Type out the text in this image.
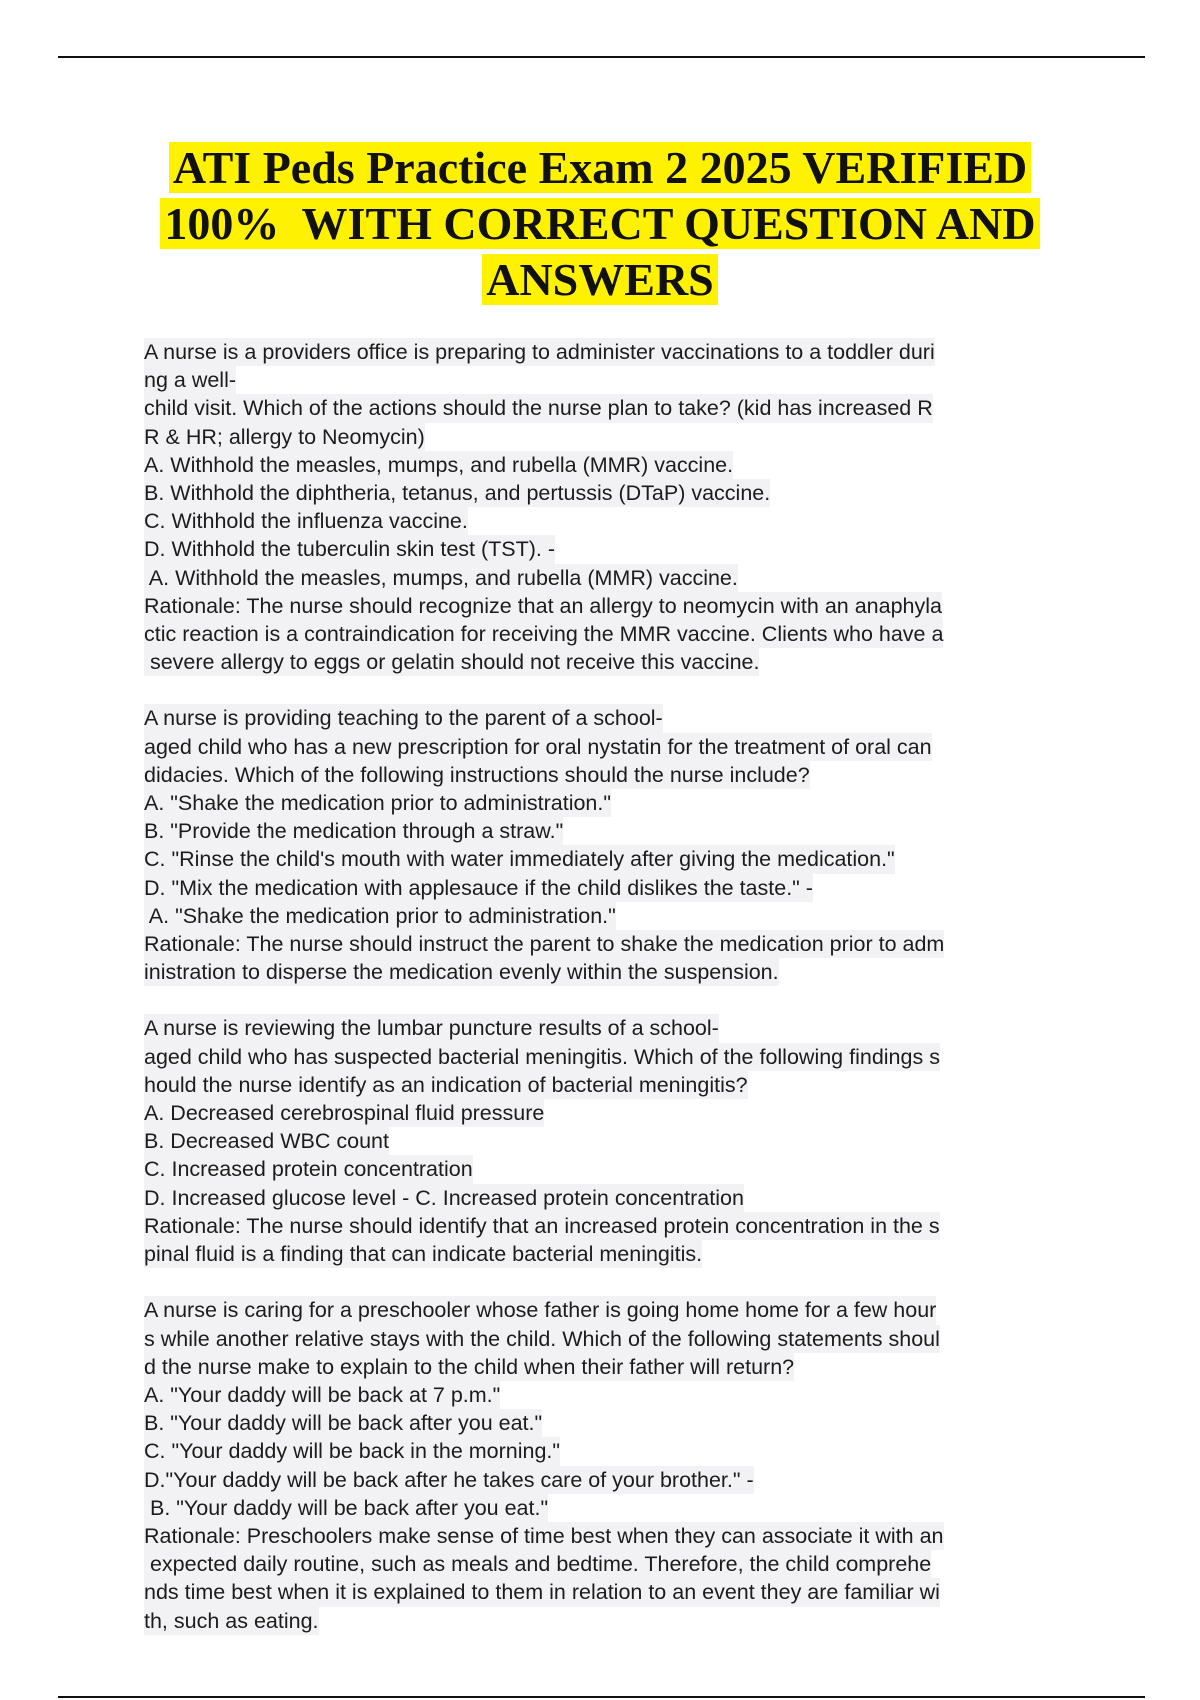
ATI Peds Practice Exam 2 2025 VERIFIED
100%  WITH CORRECT QUESTION AND
ANSWERS
A nurse is a providers office is preparing to administer vaccinations to a toddler duri
ng a well-
child visit. Which of the actions should the nurse plan to take? (kid has increased R
R & HR; allergy to Neomycin)
A. Withhold the measles, mumps, and rubella (MMR) vaccine.
B. Withhold the diphtheria, tetanus, and pertussis (DTaP) vaccine.
C. Withhold the influenza vaccine.
D. Withhold the tuberculin skin test (TST). -
A. Withhold the measles, mumps, and rubella (MMR) vaccine.
Rationale: The nurse should recognize that an allergy to neomycin with an anaphyla
ctic reaction is a contraindication for receiving the MMR vaccine. Clients who have a
severe allergy to eggs or gelatin should not receive this vaccine.
A nurse is providing teaching to the parent of a school-
aged child who has a new prescription for oral nystatin for the treatment of oral can
didacies. Which of the following instructions should the nurse include?
A. "Shake the medication prior to administration."
B. "Provide the medication through a straw."
C. "Rinse the child's mouth with water immediately after giving the medication."
D. "Mix the medication with applesauce if the child dislikes the taste." -
A. "Shake the medication prior to administration."
Rationale: The nurse should instruct the parent to shake the medication prior to adm
inistration to disperse the medication evenly within the suspension.
A nurse is reviewing the lumbar puncture results of a school-
aged child who has suspected bacterial meningitis. Which of the following findings s
hould the nurse identify as an indication of bacterial meningitis?
A. Decreased cerebrospinal fluid pressure
B. Decreased WBC count
C. Increased protein concentration
D. Increased glucose level - C. Increased protein concentration
Rationale: The nurse should identify that an increased protein concentration in the s
pinal fluid is a finding that can indicate bacterial meningitis.
A nurse is caring for a preschooler whose father is going home home for a few hour
s while another relative stays with the child. Which of the following statements shoul
d the nurse make to explain to the child when their father will return?
A. "Your daddy will be back at 7 p.m."
B. "Your daddy will be back after you eat."
C. "Your daddy will be back in the morning."
D."Your daddy will be back after he takes care of your brother." -
B. "Your daddy will be back after you eat."
Rationale: Preschoolers make sense of time best when they can associate it with an
expected daily routine, such as meals and bedtime. Therefore, the child comprehe
nds time best when it is explained to them in relation to an event they are familiar wi
th, such as eating.
